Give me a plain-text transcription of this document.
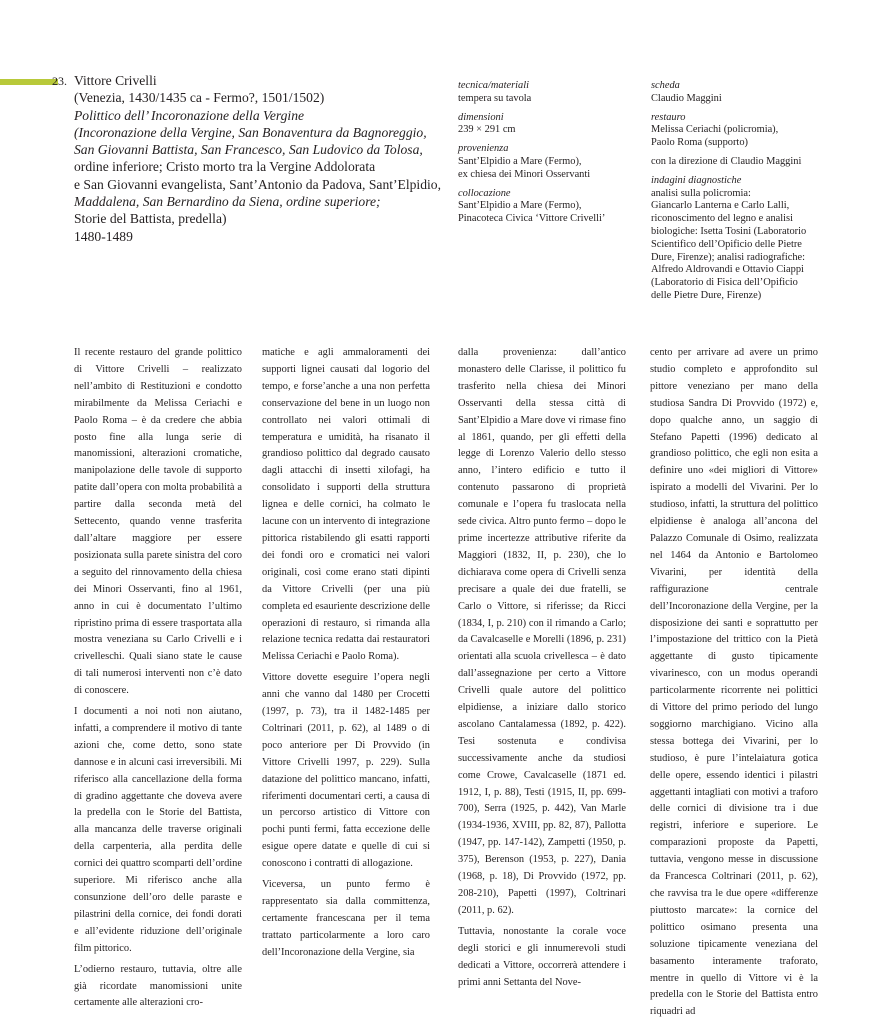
23. Vittore Crivelli
(Venezia, 1430/1435 ca - Fermo?, 1501/1502)
Polittico dell’ Incoronazione della Vergine
(Incoronazione della Vergine, San Bonaventura da Bagnoreggio,
San Giovanni Battista, San Francesco, San Ludovico da Tolosa,
ordine inferiore; Cristo morto tra la Vergine Addolorata
e San Giovanni evangelista, Sant’Antonio da Padova, Sant’Elpidio,
Maddalena, San Bernardino da Siena, ordine superiore;
Storie del Battista, predella)
1480-1489
tecnica/materiali
tempera su tavola
dimensioni
239 × 291 cm
provenienza
Sant’Elpidio a Mare (Fermo),
ex chiesa dei Minori Osservanti
collocazione
Sant’Elpidio a Mare (Fermo),
Pinacoteca Civica ‘Vittore Crivelli’
scheda
Claudio Maggini
restauro
Melissa Ceriachi (policromia),
Paolo Roma (supporto)
con la direzione di Claudio Maggini
indagini diagnostiche
analisi sulla policromia:
Giancarlo Lanterna e Carlo Lalli,
riconoscimento del legno e analisi
biologiche: Isetta Tosini (Laboratorio
Scientifico dell’Opificio delle Pietre
Dure, Firenze); analisi radiografiche:
Alfredo Aldrovandi e Ottavio Ciappi
(Laboratorio di Fisica dell’Opificio
delle Pietre Dure, Firenze)

Il recente restauro del grande polittico di Vittore Crivelli – realizzato nell’ambito di Restituzioni e condotto mirabilmente da Melissa Ceriachi e Paolo Roma – è da credere che abbia posto fine alla lunga serie di manomissioni, alterazioni cromatiche, manipolazione delle tavole di supporto patite dall’opera con molta probabilità a partire dalla seconda metà del Settecento, quando venne trasferita dall’altare maggiore per essere posizionata sulla parete sinistra del coro a seguito del rinnovamento della chiesa dei Minori Osservanti, fino al 1961, anno in cui è documentato l’ultimo ripristino prima di essere trasportata alla mostra veneziana su Carlo Crivelli e i crivelleschi. Quali siano state le cause di tali numerosi interventi non c’è dato di conoscere.

I documenti a noi noti non aiutano, infatti, a comprendere il motivo di tante azioni che, come detto, sono state dannose e in alcuni casi irreversibili. Mi riferisco alla cancellazione della forma di gradino aggettante che doveva avere la predella con le Storie del Battista, alla mancanza delle traverse originali della carpenteria, alla perdita delle cornici dei quattro scomparti dell’ordine superiore. Mi riferisco anche alla consunzione dell’oro delle paraste e pilastrini della cornice, dei fondi dorati e all’evidente riduzione dell’originale film pittorico.

L’odierno restauro, tuttavia, oltre alle già ricordate manomissioni unite certamente alle alterazioni cro-

matiche e agli ammaloramenti dei supporti lignei causati dal logorio del tempo, e forse’anche a una non perfetta conservazione del bene in un luogo non controllato nei valori ottimali di temperatura e umidità, ha risanato il grandioso polittico dal degrado causato dagli attacchi di insetti xilofagi, ha consolidato i supporti della struttura lignea e delle cornici, ha colmato le lacune con un intervento di integrazione pittorica ristabilendo gli esatti rapporti dei fondi oro e cromatici nei valori originali, così come erano stati dipinti da Vittore Crivelli (per una più completa ed esauriente descrizione delle operazioni di restauro, si rimanda alla relazione tecnica redatta dai restauratori Melissa Ceriachi e Paolo Roma).

Vittore dovette eseguire l’opera negli anni che vanno dal 1480 per Crocetti (1997, p. 73), tra il 1482-1485 per Coltrinari (2011, p. 62), al 1489 o di poco anteriore per Di Provvido (in Vittore Crivelli 1997, p. 229). Sulla datazione del polittico mancano, infatti, riferimenti documentari certi, a causa di un percorso artistico di Vittore con pochi punti fermi, fatta eccezione delle esigue opere datate e quelle di cui si conoscono i contratti di allogazione.

Viceversa, un punto fermo è rappresentato sia dalla committenza, certamente francescana per il tema trattato particolarmente a loro caro dell’Incoronazione della Vergine, sia

dalla provenienza: dall’antico monastero delle Clarisse, il polittico fu trasferito nella chiesa dei Minori Osservanti della stessa città di Sant’Elpidio a Mare dove vi rimase fino al 1861, quando, per gli effetti della legge di Lorenzo Valerio dello stesso anno, l’intero edificio e tutto il contenuto passarono di proprietà comunale e l’opera fu traslocata nella sede civica. Altro punto fermo – dopo le prime incertezze attributive riferite da Maggiori (1832, II, p. 230), che lo dichiarava come opera di Crivelli senza precisare a quale dei due fratelli, se Carlo o Vittore, si riferisse; da Ricci (1834, I, p. 210) con il rimando a Carlo; da Cavalcaselle e Morelli (1896, p. 231) orientati alla scuola crivellesca – è dato dall’assegnazione per certo a Vittore Crivelli quale autore del polittico elpidiense, a iniziare dallo storico ascolano Cantalamessa (1892, p. 422). Tesi sostenuta e condivisa successivamente anche da studiosi come Crowe, Cavalcaselle (1871 ed. 1912, I, p. 88), Testi (1915, II, pp. 699-700), Serra (1925, p. 442), Van Marle (1934-1936, XVIII, pp. 82, 87), Pallotta (1947, pp. 147-142), Zampetti (1950, p. 375), Berenson (1953, p. 227), Dania (1968, p. 18), Di Provvido (1972, pp. 208-210), Papetti (1997), Coltrinari (2011, p. 62).

Tuttavia, nonostante la corale voce degli storici e gli innumerevoli studi dedicati a Vittore, occorrerà attendere i primi anni Settanta del Nove-

cento per arrivare ad avere un primo studio completo e approfondito sul pittore veneziano per mano della studiosa Sandra Di Provvido (1972) e, dopo qualche anno, un saggio di Stefano Papetti (1996) dedicato al grandioso polittico, che egli non esita a definire uno «dei migliori di Vittore» ispirato a modelli del Vivarini. Per lo studioso, infatti, la struttura del polittico elpidiense è analoga all’ancona del Palazzo Comunale di Osimo, realizzata nel 1464 da Antonio e Bartolomeo Vivarini, per identità della raffigurazione centrale dell’Incoronazione della Vergine, per la disposizione dei santi e soprattutto per l’impostazione del trittico con la Pietà aggettante di gusto tipicamente vivarinesco, con un modus operandi particolarmente ricorrente nei polittici di Vittore del primo periodo del lungo soggiorno marchigiano. Vicino alla stessa bottega dei Vivarini, per lo studioso, è pure l’intelaiatura gotica delle opere, essendo identici i pilastri aggettanti intagliati con motivi a traforo delle cornici di divisione tra i due registri, inferiore e superiore. Le comparazioni proposte da Papetti, tuttavia, vengono messe in discussione da Francesca Coltrinari (2011, p. 62), che ravvisa tra le due opere «differenze piuttosto marcate»: la cornice del polittico osimano presenta una soluzione tipicamente veneziana del basamento interamente traforato, mentre in quello di Vittore vi è la predella con le Storie del Battista entro riquadri ad
